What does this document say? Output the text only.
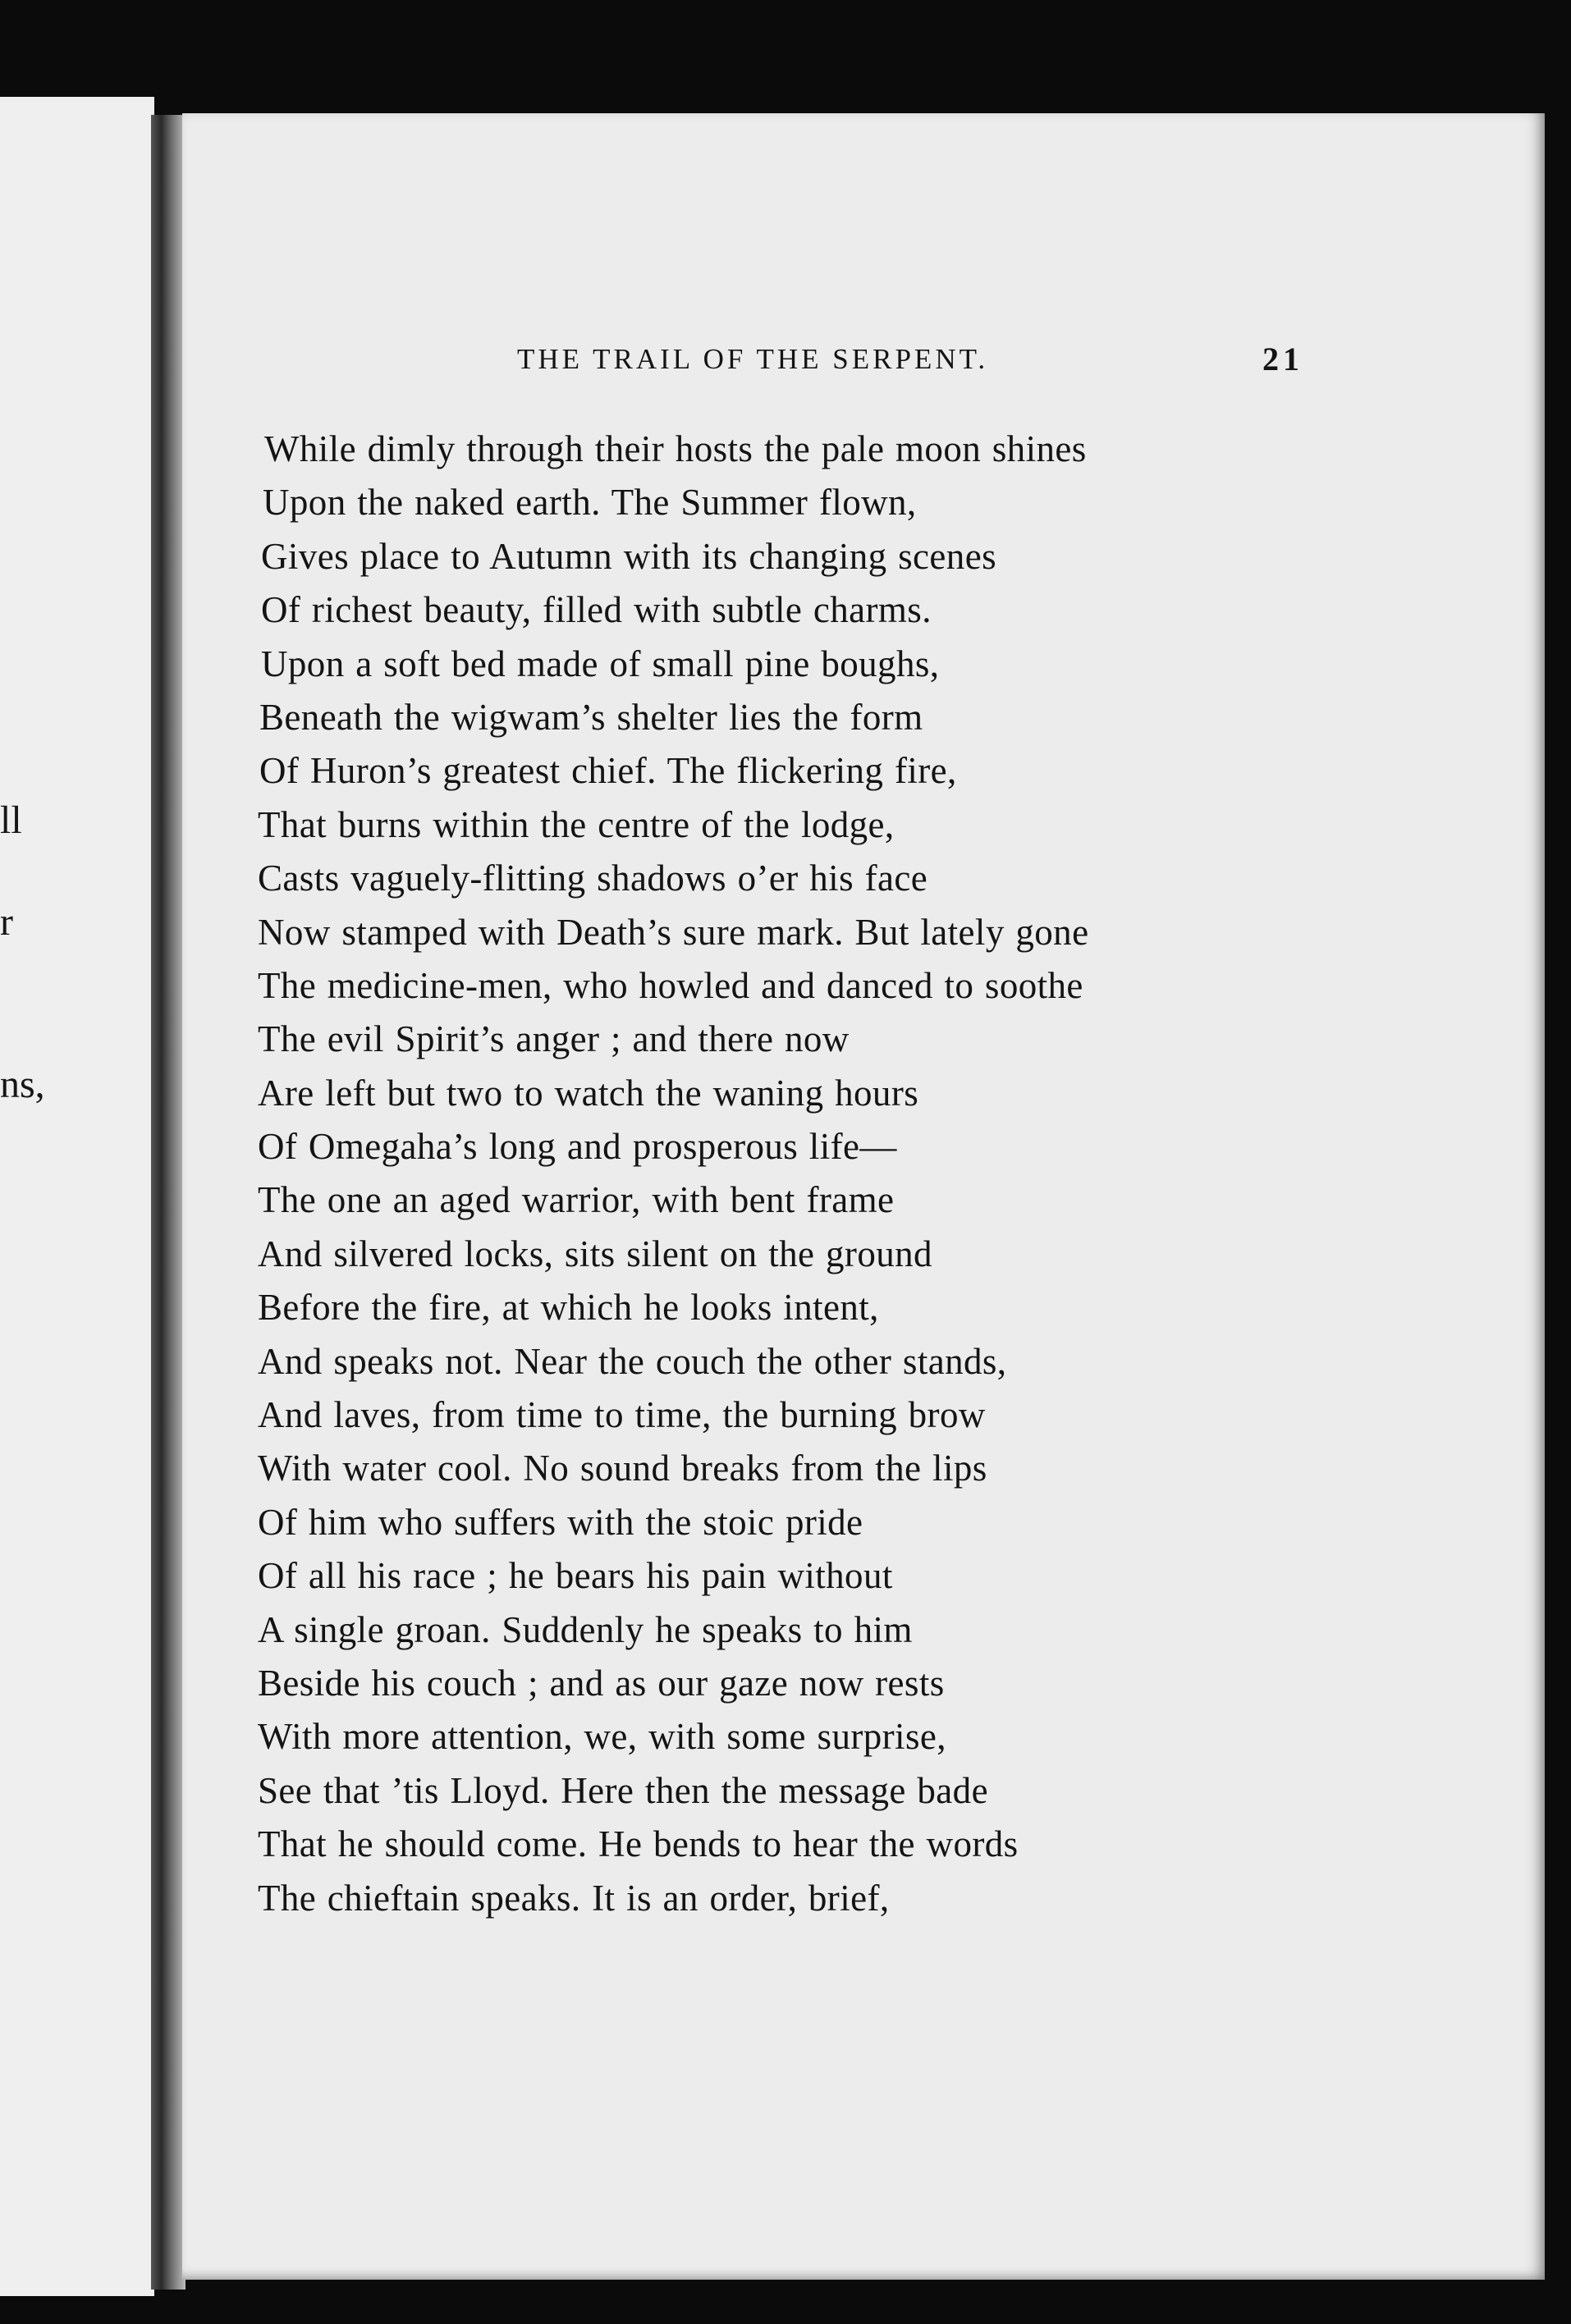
ll
r
ns,
THE TRAIL OF THE SERPENT.	21
While dimly through their hosts the pale moon shines
Upon the naked earth. The Summer flown,
Gives place to Autumn with its changing scenes
Of richest beauty, filled with subtle charms.
Upon a soft bed made of small pine boughs,
Beneath the wigwam’s shelter lies the form
Of Huron’s greatest chief. The flickering fire,
That burns within the centre of the lodge,
Casts vaguely-flitting shadows o’er his face
Now stamped with Death’s sure mark. But lately gone
The medicine-men, who howled and danced to soothe
The evil Spirit’s anger ; and there now
Are left but two to watch the waning hours
Of Omegaha’s long and prosperous life—
The one an aged warrior, with bent frame
And silvered locks, sits silent on the ground
Before the fire, at which he looks intent,
And speaks not. Near the couch the other stands,
And laves, from time to time, the burning brow
With water cool. No sound breaks from the lips
Of him who suffers with the stoic pride
Of all his race ; he bears his pain without
A single groan. Suddenly he speaks to him
Beside his couch ; and as our gaze now rests
With more attention, we, with some surprise,
See that ’tis Lloyd. Here then the message bade
That he should come. He bends to hear the words
The chieftain speaks. It is an order, brief,
